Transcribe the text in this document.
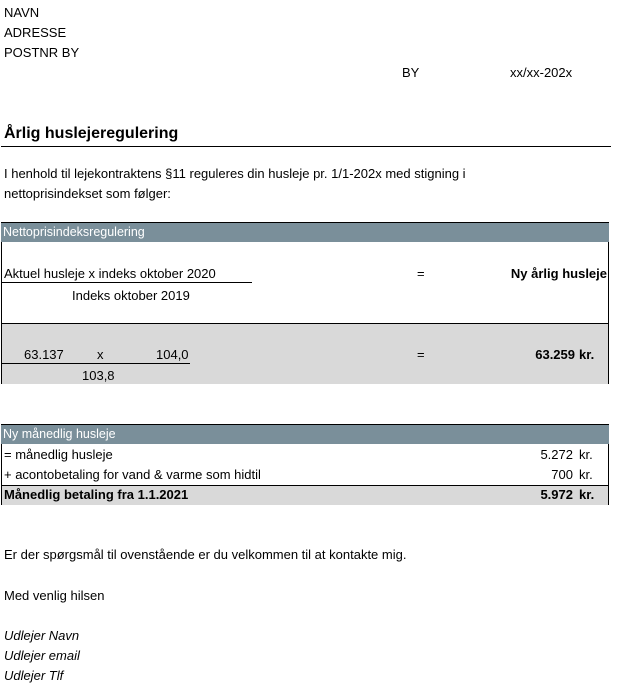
NAVN
ADRESSE
POSTNR BY
BY	xx/xx-202x
Årlig huslejeregulering
I henhold til lejekontraktens §11 reguleres din husleje pr. 1/1-202x med stigning i
nettoprisindekset som følger:
Nettoprisindeksregulering
Aktuel husleje x indeks oktober 2020
Indeks oktober 2019
=	Ny årlig husleje
63.137	x	104,0
103,8
=	63.259 kr.
Ny månedlig husleje
= månedlig husleje	5.272 kr.
+ acontobetaling for vand & varme som hidtil	700 kr.
Månedlig betaling fra 1.1.2021	5.972 kr.
Er der spørgsmål til ovenstående er du velkommen til at kontakte mig.
Med venlig hilsen
Udlejer Navn
Udlejer email
Udlejer Tlf
